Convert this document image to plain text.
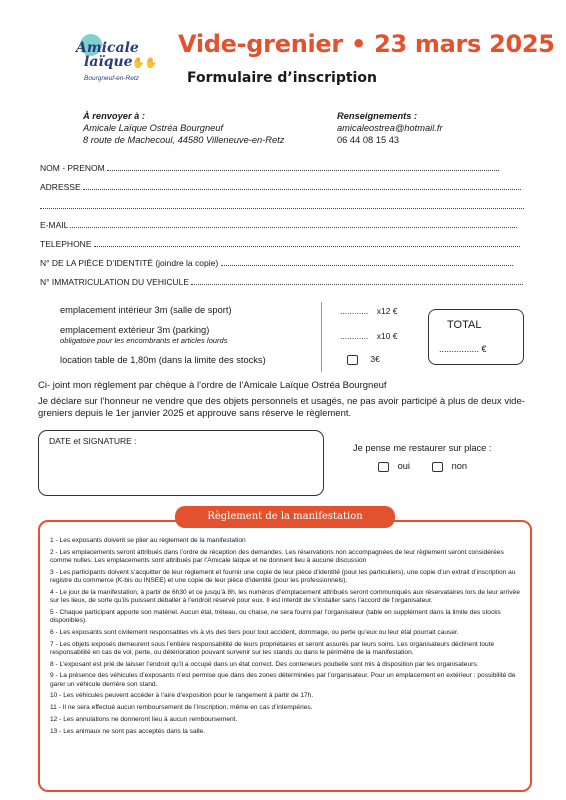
Amicale
laïque ✋✋
Bourgneuf-en-Retz
Vide-grenier • 23 mars 2025
Formulaire d’inscription
À renvoyer à :
Amicale Laïque Ostréa Bourgneuf
8 route de Machecoul, 44580 Villeneuve-en-Retz
Renseignements :
amicaleostrea@hotmail.fr
06 44 08 15 43
NOM - PRENOM
ADRESSE
E-MAIL
TELEPHONE
N° DE LA PIÈCE D’IDENTITÉ (joindre la copie)
N° IMMATRICULATION DU VEHICULE
emplacement intérieur 3m (salle de sport)	............ x12 €
emplacement extérieur 3m (parking)
obligatoire pour les encombrants et articles lourds	............ x10 €
location table de 1,80m (dans la limite des stocks)	3€
TOTAL
................ €
Ci- joint mon règlement par chèque à l’ordre de l’Amicale Laïque Ostréa Bourgneuf
Je déclare sur l’honneur ne vendre que des objets personnels et usagés, ne pas avoir participé à plus de deux vide-greniers depuis le 1er janvier 2025 et approuve sans réserve le règlement.
DATE et SIGNATURE :
Je pense me restaurer sur place :
oui	non
Règlement de la manifestation

1 - Les exposants doivent se plier au règlement de la manifestation

2 - Les emplacements seront attribués dans l’ordre de réception des demandes. Les réservations non accompagnées de leur règlement seront considérées comme nulles. Les emplacements sont attribués par l’Amicale laïque et ne donnent lieu à aucune discussion

3 - Les participants doivent s’acquitter de leur règlement et fournir une copie de leur pièce d’identité (pour les particuliers), une copie d’un extrait d’inscription au registre du commerce (K-bis ou INSEE) et une copie de leur pièce d’identité (pour les professionnels).

4 - Le jour de la manifestation, à partir de 6h30 et ce jusqu’à 8h, les numéros d’emplacement attribués seront communiqués aux réservataires lors de leur arrivée sur les lieux, de sorte qu’ils puissent déballer à l’endroit réservé pour eux. Il est interdit de s’installer sans l’accord de l’organisateur.

5 - Chaque participant apporte son matériel. Aucun étal, tréteau, ou chaise, ne sera fourni par l’organisateur (table en supplément dans la limite des stocks disponibles).

6 - Les exposants sont civilement responsables vis à vis des tiers pour tout accident, dommage, ou perte qu’eux ou leur étal pourrait causer.

7 - Les objets exposés demeurent sous l’entière responsabilité de leurs propriétaires et seront assurés par leurs soins. Les organisateurs déclinent toute responsabilité en cas de vol, perte, ou détérioration pouvant survenir sur les stands ou dans le périmètre de la manifestation.

8 - L’exposant est prié de laisser l’endroit qu’il a occupé dans un état correct. Des conteneurs poubelle sont mis à disposition par les organisateurs.

9 - La présence des véhicules d’exposants n’est permise que dans des zones déterminées par l’organisateur. Pour un emplacement en extérieur : possibilité de garer un véhicule derrière son stand.

10 - Les véhicules peuvent accéder à l’aire d’exposition pour le rangement à partir de 17h.

11 - Il ne sera effectué aucun remboursement de l’inscription, même en cas d’intempéries.

12 - Les annulations ne donneront lieu à aucun remboursement.

13 - Les animaux ne sont pas acceptés dans la salle.
